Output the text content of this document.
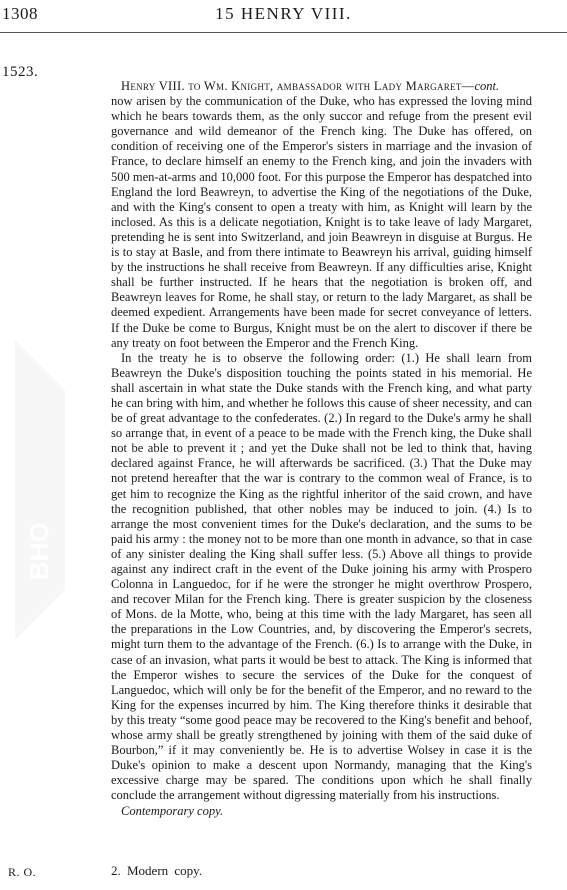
1308	15 HENRY VIII.
1523.
BHO
Henry VIII. to Wm. Knight, ambassador with Lady Margaret—cont.

now arisen by the communication of the Duke, who has expressed the loving mind which he bears towards them, as the only succor and refuge from the present evil governance and wild demeanor of the French king. The Duke has offered, on condition of receiving one of the Emperor's sisters in marriage and the invasion of France, to declare himself an enemy to the French king, and join the invaders with 500 men-at-arms and 10,000 foot. For this purpose the Emperor has despatched into England the lord Beawreyn, to advertise the King of the negotiations of the Duke, and with the King's consent to open a treaty with him, as Knight will learn by the inclosed. As this is a delicate negotiation, Knight is to take leave of lady Margaret, pretending he is sent into Switzerland, and join Beawreyn in disguise at Burgus. He is to stay at Basle, and from there intimate to Beawreyn his arrival, guiding himself by the instructions he shall receive from Beawreyn. If any difficulties arise, Knight shall be further instructed. If he hears that the negotiation is broken off, and Beawreyn leaves for Rome, he shall stay, or return to the lady Margaret, as shall be deemed expedient. Arrangements have been made for secret conveyance of letters. If the Duke be come to Burgus, Knight must be on the alert to discover if there be any treaty on foot between the Emperor and the French King.

In the treaty he is to observe the following order: (1.) He shall learn from Beawreyn the Duke's disposition touching the points stated in his memorial. He shall ascertain in what state the Duke stands with the French king, and what party he can bring with him, and whether he follows this cause of sheer necessity, and can be of great advantage to the confederates. (2.) In regard to the Duke's army he shall so arrange that, in event of a peace to be made with the French king, the Duke shall not be able to prevent it ; and yet the Duke shall not be led to think that, having declared against France, he will afterwards be sacrificed. (3.) That the Duke may not pretend hereafter that the war is contrary to the common weal of France, is to get him to recognize the King as the rightful inheritor of the said crown, and have the recognition published, that other nobles may be induced to join. (4.) Is to arrange the most convenient times for the Duke's declaration, and the sums to be paid his army : the money not to be more than one month in advance, so that in case of any sinister dealing the King shall suffer less. (5.) Above all things to provide against any indirect craft in the event of the Duke joining his army with Prospero Colonna in Languedoc, for if he were the stronger he might overthrow Prospero, and recover Milan for the French king. There is greater suspicion by the closeness of Mons. de la Motte, who, being at this time with the lady Margaret, has seen all the preparations in the Low Countries, and, by discovering the Emperor's secrets, might turn them to the advantage of the French. (6.) Is to arrange with the Duke, in case of an invasion, what parts it would be best to attack. The King is informed that the Emperor wishes to secure the services of the Duke for the conquest of Languedoc, which will only be for the benefit of the Emperor, and no reward to the King for the expenses incurred by him. The King therefore thinks it desirable that by this treaty “some good peace may be recovered to the King's benefit and behoof, whose army shall be greatly strengthened by joining with them of the said duke of Bourbon,” if it may conveniently be. He is to advertise Wolsey in case it is the Duke's opinion to make a descent upon Normandy, managing that the King's excessive charge may be spared. The conditions upon which he shall finally conclude the arrangement without digressing materially from his instructions.

Contemporary copy.

R. O.	2. Modern copy.
